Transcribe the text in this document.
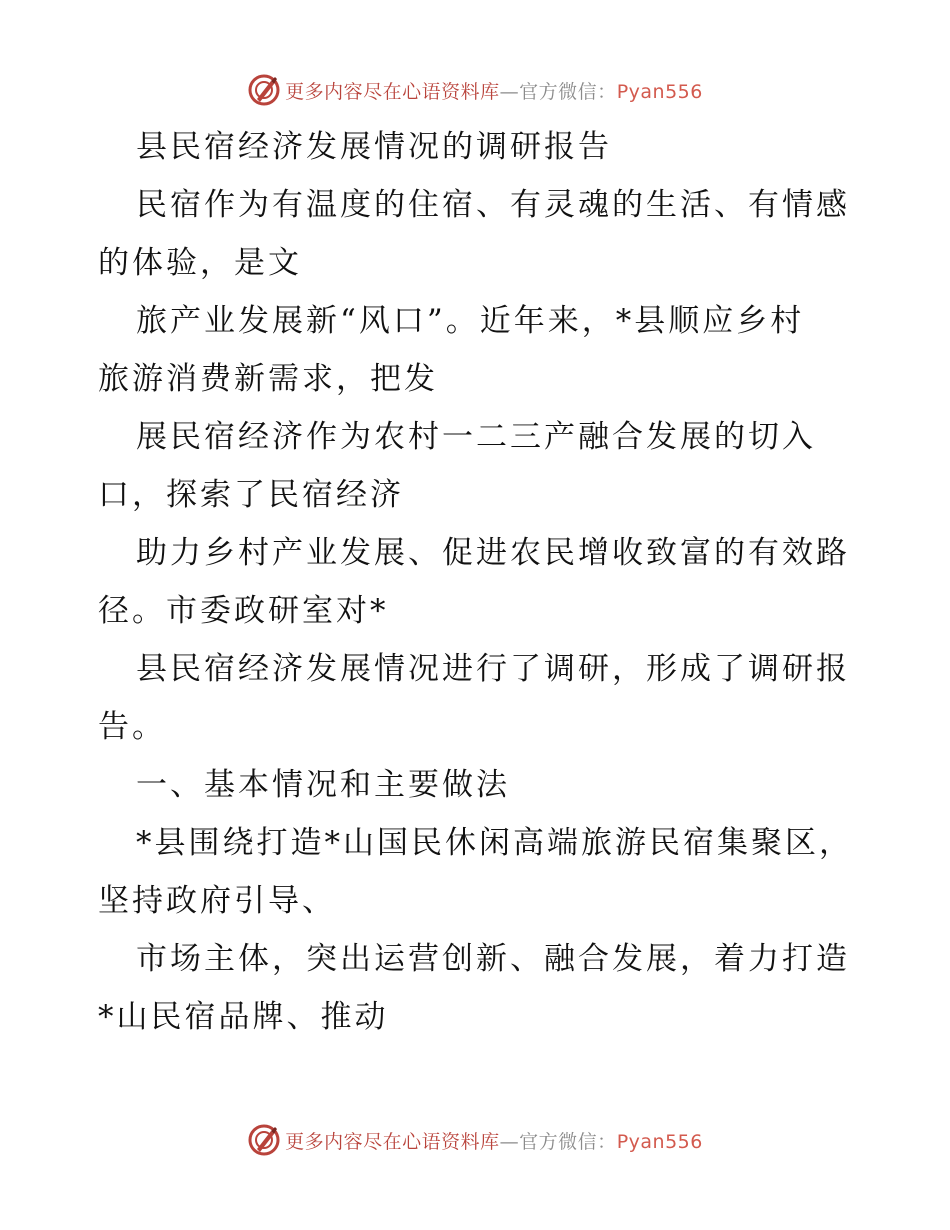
更多内容尽在心语资料库—官方微信：Pyan556
县民宿经济发展情况的调研报告
民宿作为有温度的住宿、有灵魂的生活、有情感
的体验，是文
旅产业发展新“风口”。近年来，*县顺应乡村
旅游消费新需求，把发
展民宿经济作为农村一二三产融合发展的切入
口，探索了民宿经济
助力乡村产业发展、促进农民增收致富的有效路
径。市委政研室对*
县民宿经济发展情况进行了调研，形成了调研报
告。
一、基本情况和主要做法
*县围绕打造*山国民休闲高端旅游民宿集聚区，
坚持政府引导、
市场主体，突出运营创新、融合发展，着力打造
*山民宿品牌、推动
更多内容尽在心语资料库—官方微信：Pyan556
